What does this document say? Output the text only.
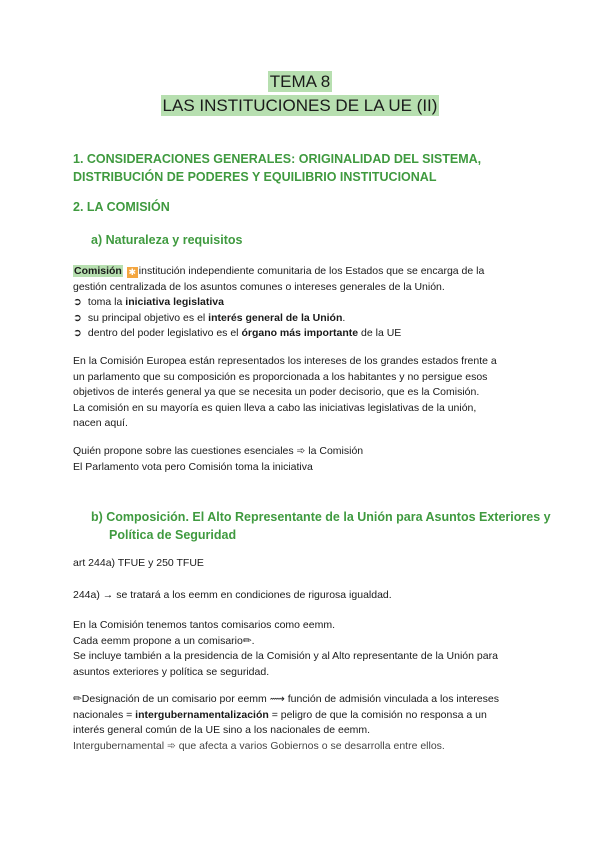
TEMA 8
LAS INSTITUCIONES DE LA UE (II)
1. CONSIDERACIONES GENERALES: ORIGINALIDAD DEL SISTEMA,
DISTRIBUCIÓN DE PODERES Y EQUILIBRIO INSTITUCIONAL
2. LA COMISIÓN
a) Naturaleza y requisitos
Comisión ✱ institución independiente comunitaria de los Estados que se encarga de la
gestión centralizada de los asuntos comunes o intereses generales de la Unión.
➲ toma la iniciativa legislativa
➲ su principal objetivo es el interés general de la Unión.
➲ dentro del poder legislativo es el órgano más importante de la UE
En la Comisión Europea están representados los intereses de los grandes estados frente a
un parlamento que su composición es proporcionada a los habitantes y no persigue esos
objetivos de interés general ya que se necesita un poder decisorio, que es la Comisión.
La comisión en su mayoría es quien lleva a cabo las iniciativas legislativas de la unión,
nacen aquí.
Quién propone sobre las cuestiones esenciales ➾ la Comisión
El Parlamento vota pero Comisión toma la iniciativa
b) Composición. El Alto Representante de la Unión para Asuntos Exteriores y
Política de Seguridad
art 244a) TFUE y 250 TFUE
244a) → se tratará a los eemm en condiciones de rigurosa igualdad.
En la Comisión tenemos tantos comisarios como eemm.
Cada eemm propone a un comisario✏.
Se incluye también a la presidencia de la Comisión y al Alto representante de la Unión para
asuntos exteriores y política se seguridad.
✏Designación de un comisario por eemm ⟿ función de admisión vinculada a los intereses
nacionales = intergubernamentalización = peligro de que la comisión no responsa a un
interés general común de la UE sino a los nacionales de eemm.
Intergubernamental ➾ que afecta a varios Gobiernos o se desarrolla entre ellos.
